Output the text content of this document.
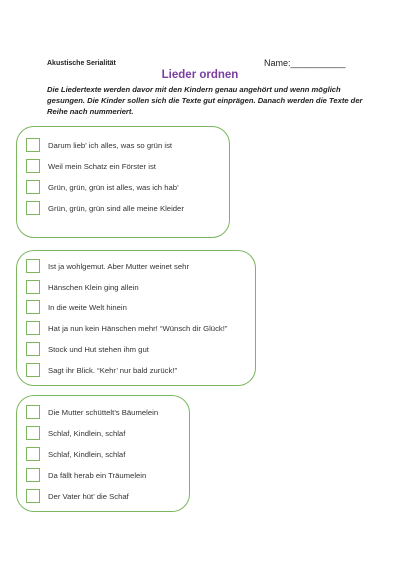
Akustische Serialität	Name:___________
Lieder ordnen
Die Liedertexte werden davor mit den Kindern genau angehört und wenn möglich gesungen. Die Kinder sollen sich die Texte gut einprägen. Danach werden die Texte der Reihe nach nummeriert.
Darum lieb’ ich alles, was so grün ist
Weil mein Schatz ein Förster ist
Grün, grün, grün ist alles, was ich hab’
Grün, grün, grün sind alle meine Kleider
Ist ja wohlgemut. Aber Mutter weinet sehr
Hänschen Klein ging allein
In die weite Welt hinein
Hat ja nun kein Hänschen mehr! “Wünsch dir Glück!”
Stock und Hut stehen ihm gut
Sagt ihr Blick. “Kehr’ nur bald zurück!”
Die Mutter schüttelt’s Bäumelein
Schlaf, Kindlein, schlaf
Schlaf, Kindlein, schlaf
Da fällt herab ein Träumelein
Der Vater hüt’ die Schaf
